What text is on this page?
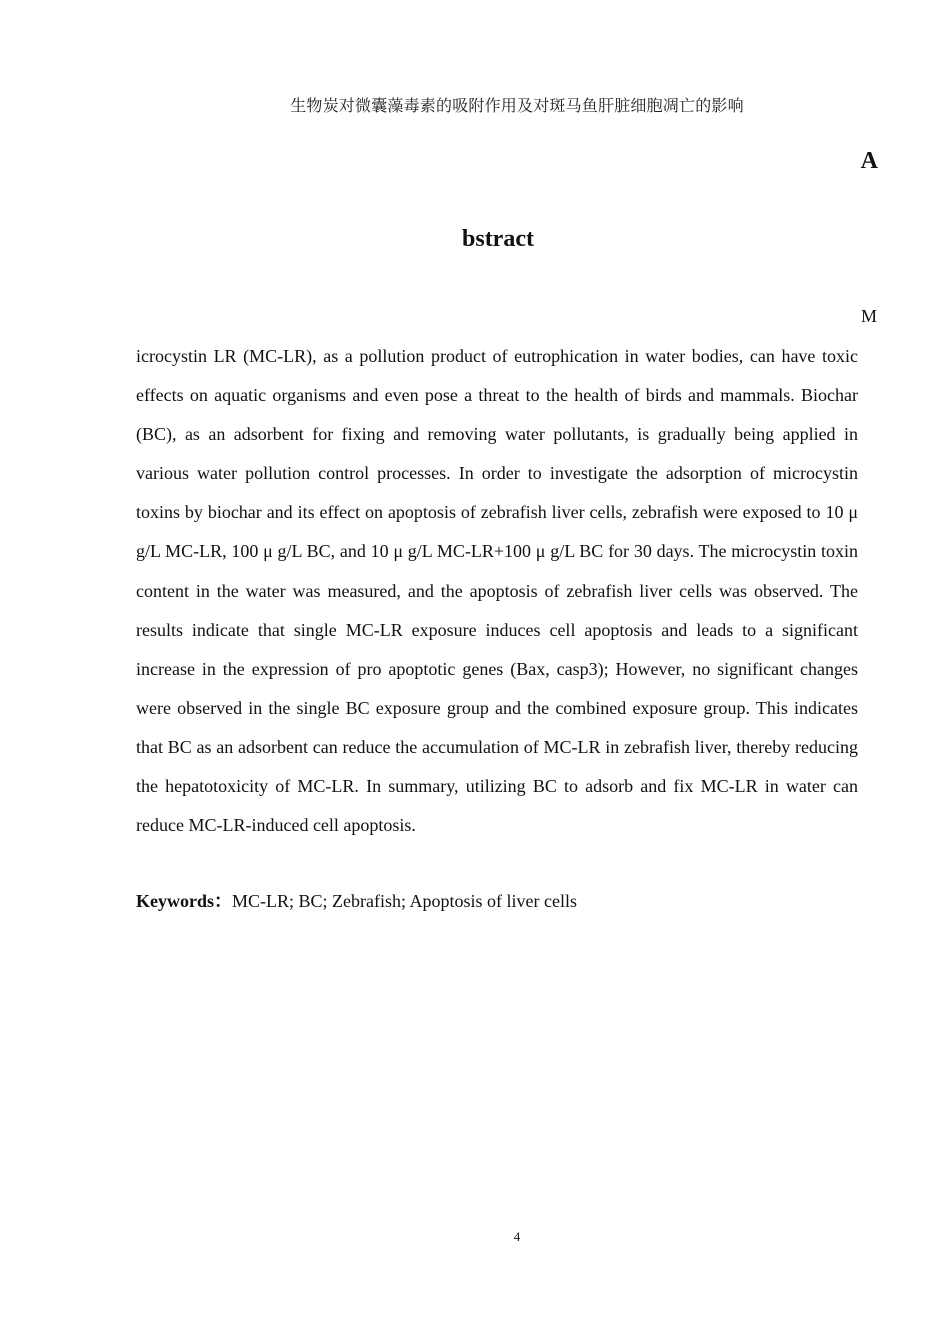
生物炭对微囊藻毒素的吸附作用及对斑马鱼肝脏细胞凋亡的影响
A
bstract
M

icrocystin LR (MC-LR), as a pollution product of eutrophication in water bodies, can have toxic effects on aquatic organisms and even pose a threat to the health of birds and mammals. Biochar (BC), as an adsorbent for fixing and removing water pollutants, is gradually being applied in various water pollution control processes. In order to investigate the adsorption of microcystin toxins by biochar and its effect on apoptosis of zebrafish liver cells, zebrafish were exposed to 10 μ g/L MC-LR, 100 μ g/L BC, and 10 μ g/L MC-LR+100 μ g/L BC for 30 days. The microcystin toxin content in the water was measured, and the apoptosis of zebrafish liver cells was observed. The results indicate that single MC-LR exposure induces cell apoptosis and leads to a significant increase in the expression of pro apoptotic genes (Bax, casp3); However, no significant changes were observed in the single BC exposure group and the combined exposure group. This indicates that BC as an adsorbent can reduce the accumulation of MC-LR in zebrafish liver, thereby reducing the hepatotoxicity of MC-LR. In summary, utilizing BC to adsorb and fix MC-LR in water can reduce MC-LR-induced cell apoptosis.

Keywords：MC-LR; BC; Zebrafish; Apoptosis of liver cells
4
